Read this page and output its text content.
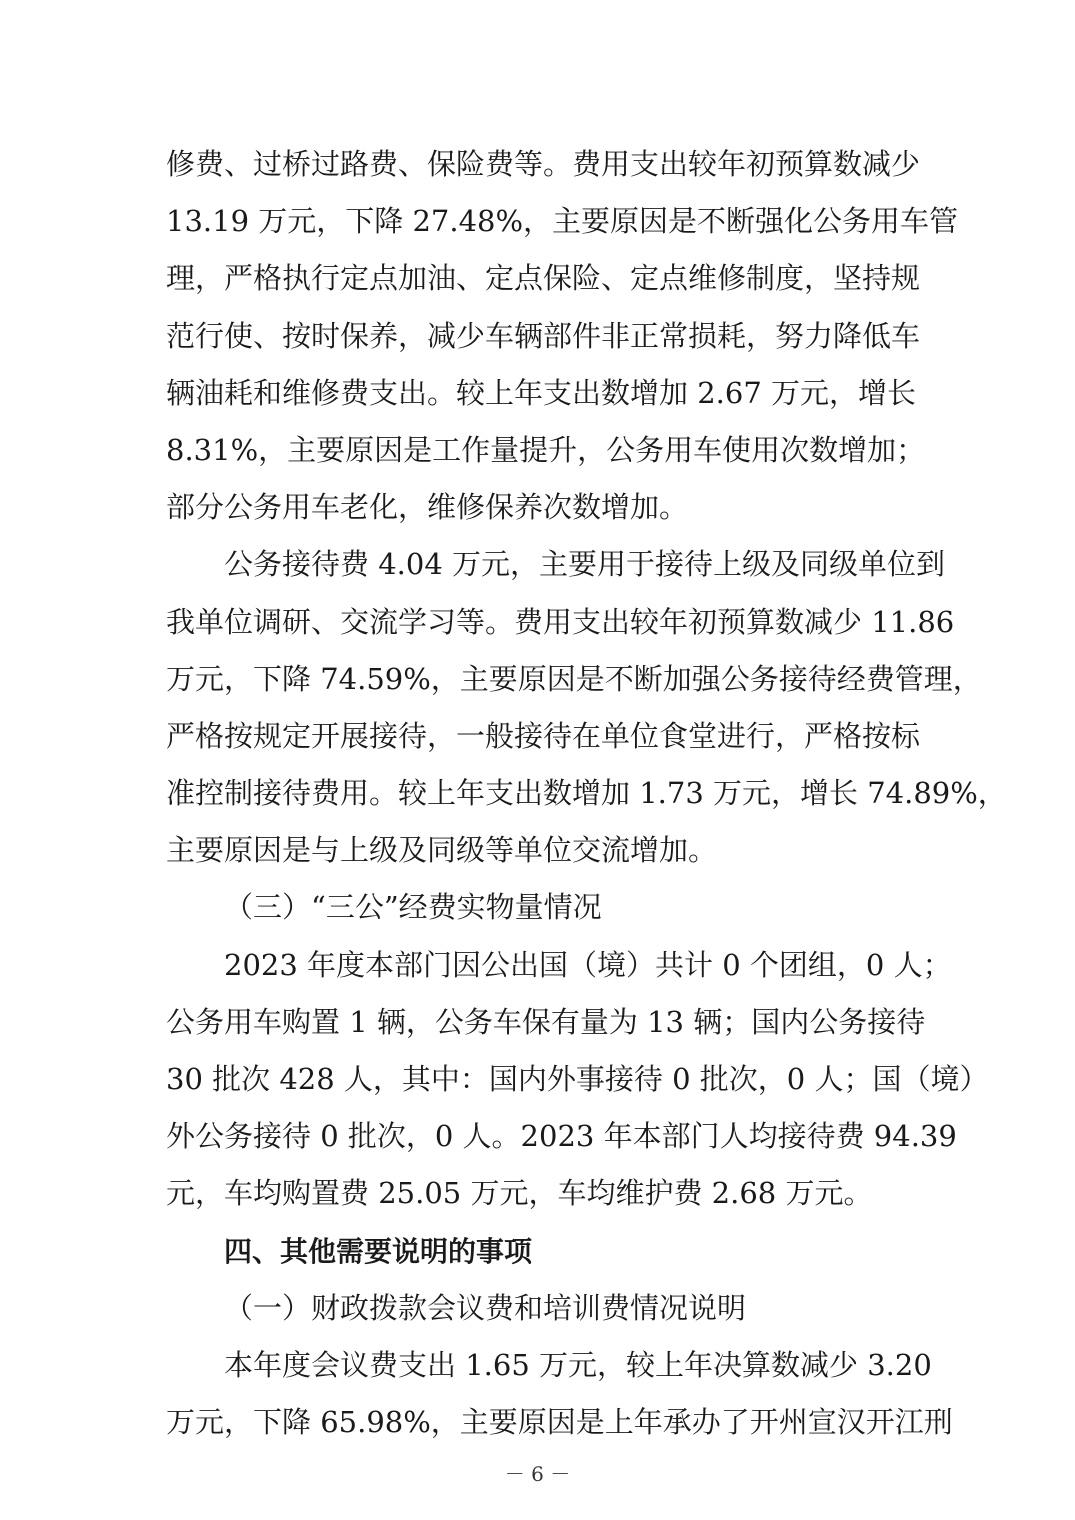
修费、过桥过路费、保险费等。费用支出较年初预算数减少
13.19 万元，下降 27.48%，主要原因是不断强化公务用车管
理，严格执行定点加油、定点保险、定点维修制度，坚持规
范行使、按时保养，减少车辆部件非正常损耗，努力降低车
辆油耗和维修费支出。较上年支出数增加 2.67 万元，增长
8.31%，主要原因是工作量提升，公务用车使用次数增加；
部分公务用车老化，维修保养次数增加。
公务接待费 4.04 万元，主要用于接待上级及同级单位到
我单位调研、交流学习等。费用支出较年初预算数减少 11.86
万元，下降 74.59%，主要原因是不断加强公务接待经费管理，
严格按规定开展接待，一般接待在单位食堂进行，严格按标
准控制接待费用。较上年支出数增加 1.73 万元，增长 74.89%，
主要原因是与上级及同级等单位交流增加。
（三）“三公”经费实物量情况
2023 年度本部门因公出国（境）共计 0 个团组，0 人；
公务用车购置 1 辆，公务车保有量为 13 辆；国内公务接待
30 批次 428 人，其中：国内外事接待 0 批次，0 人；国（境）
外公务接待 0 批次，0 人。2023 年本部门人均接待费 94.39
元，车均购置费 25.05 万元，车均维护费 2.68 万元。
四、其他需要说明的事项
（一）财政拨款会议费和培训费情况说明
本年度会议费支出 1.65 万元，较上年决算数减少 3.20
万元，下降 65.98%，主要原因是上年承办了开州宣汉开江刑
－ 6 －
